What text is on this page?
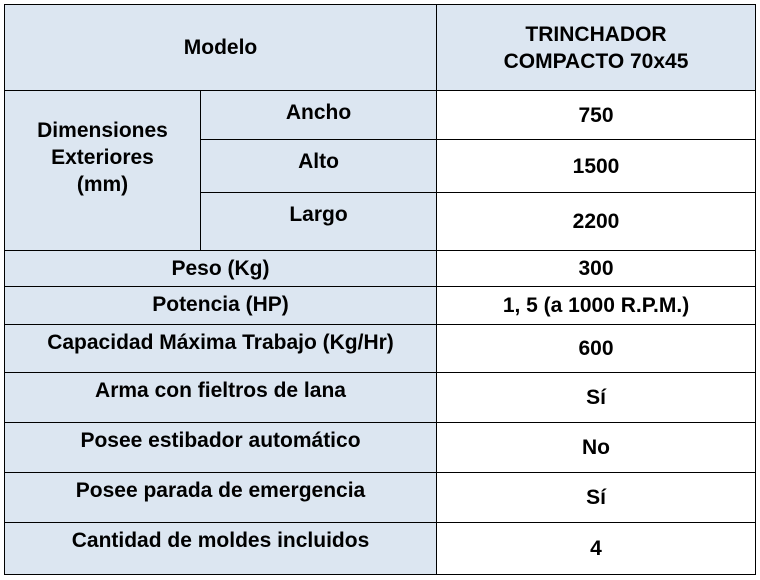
Modelo		TRINCHADOR
COMPACTO 70x45
Dimensiones
Exteriores
(mm)	Ancho	750
	Alto	1500
	Largo	2200
Peso (Kg)		300
Potencia (HP)		1, 5 (a 1000 R.P.M.)
Capacidad Máxima Trabajo (Kg/Hr)		600
Arma con fieltros de lana		Sí
Posee estibador automático		No
Posee parada de emergencia		Sí
Cantidad de moldes incluidos		4
